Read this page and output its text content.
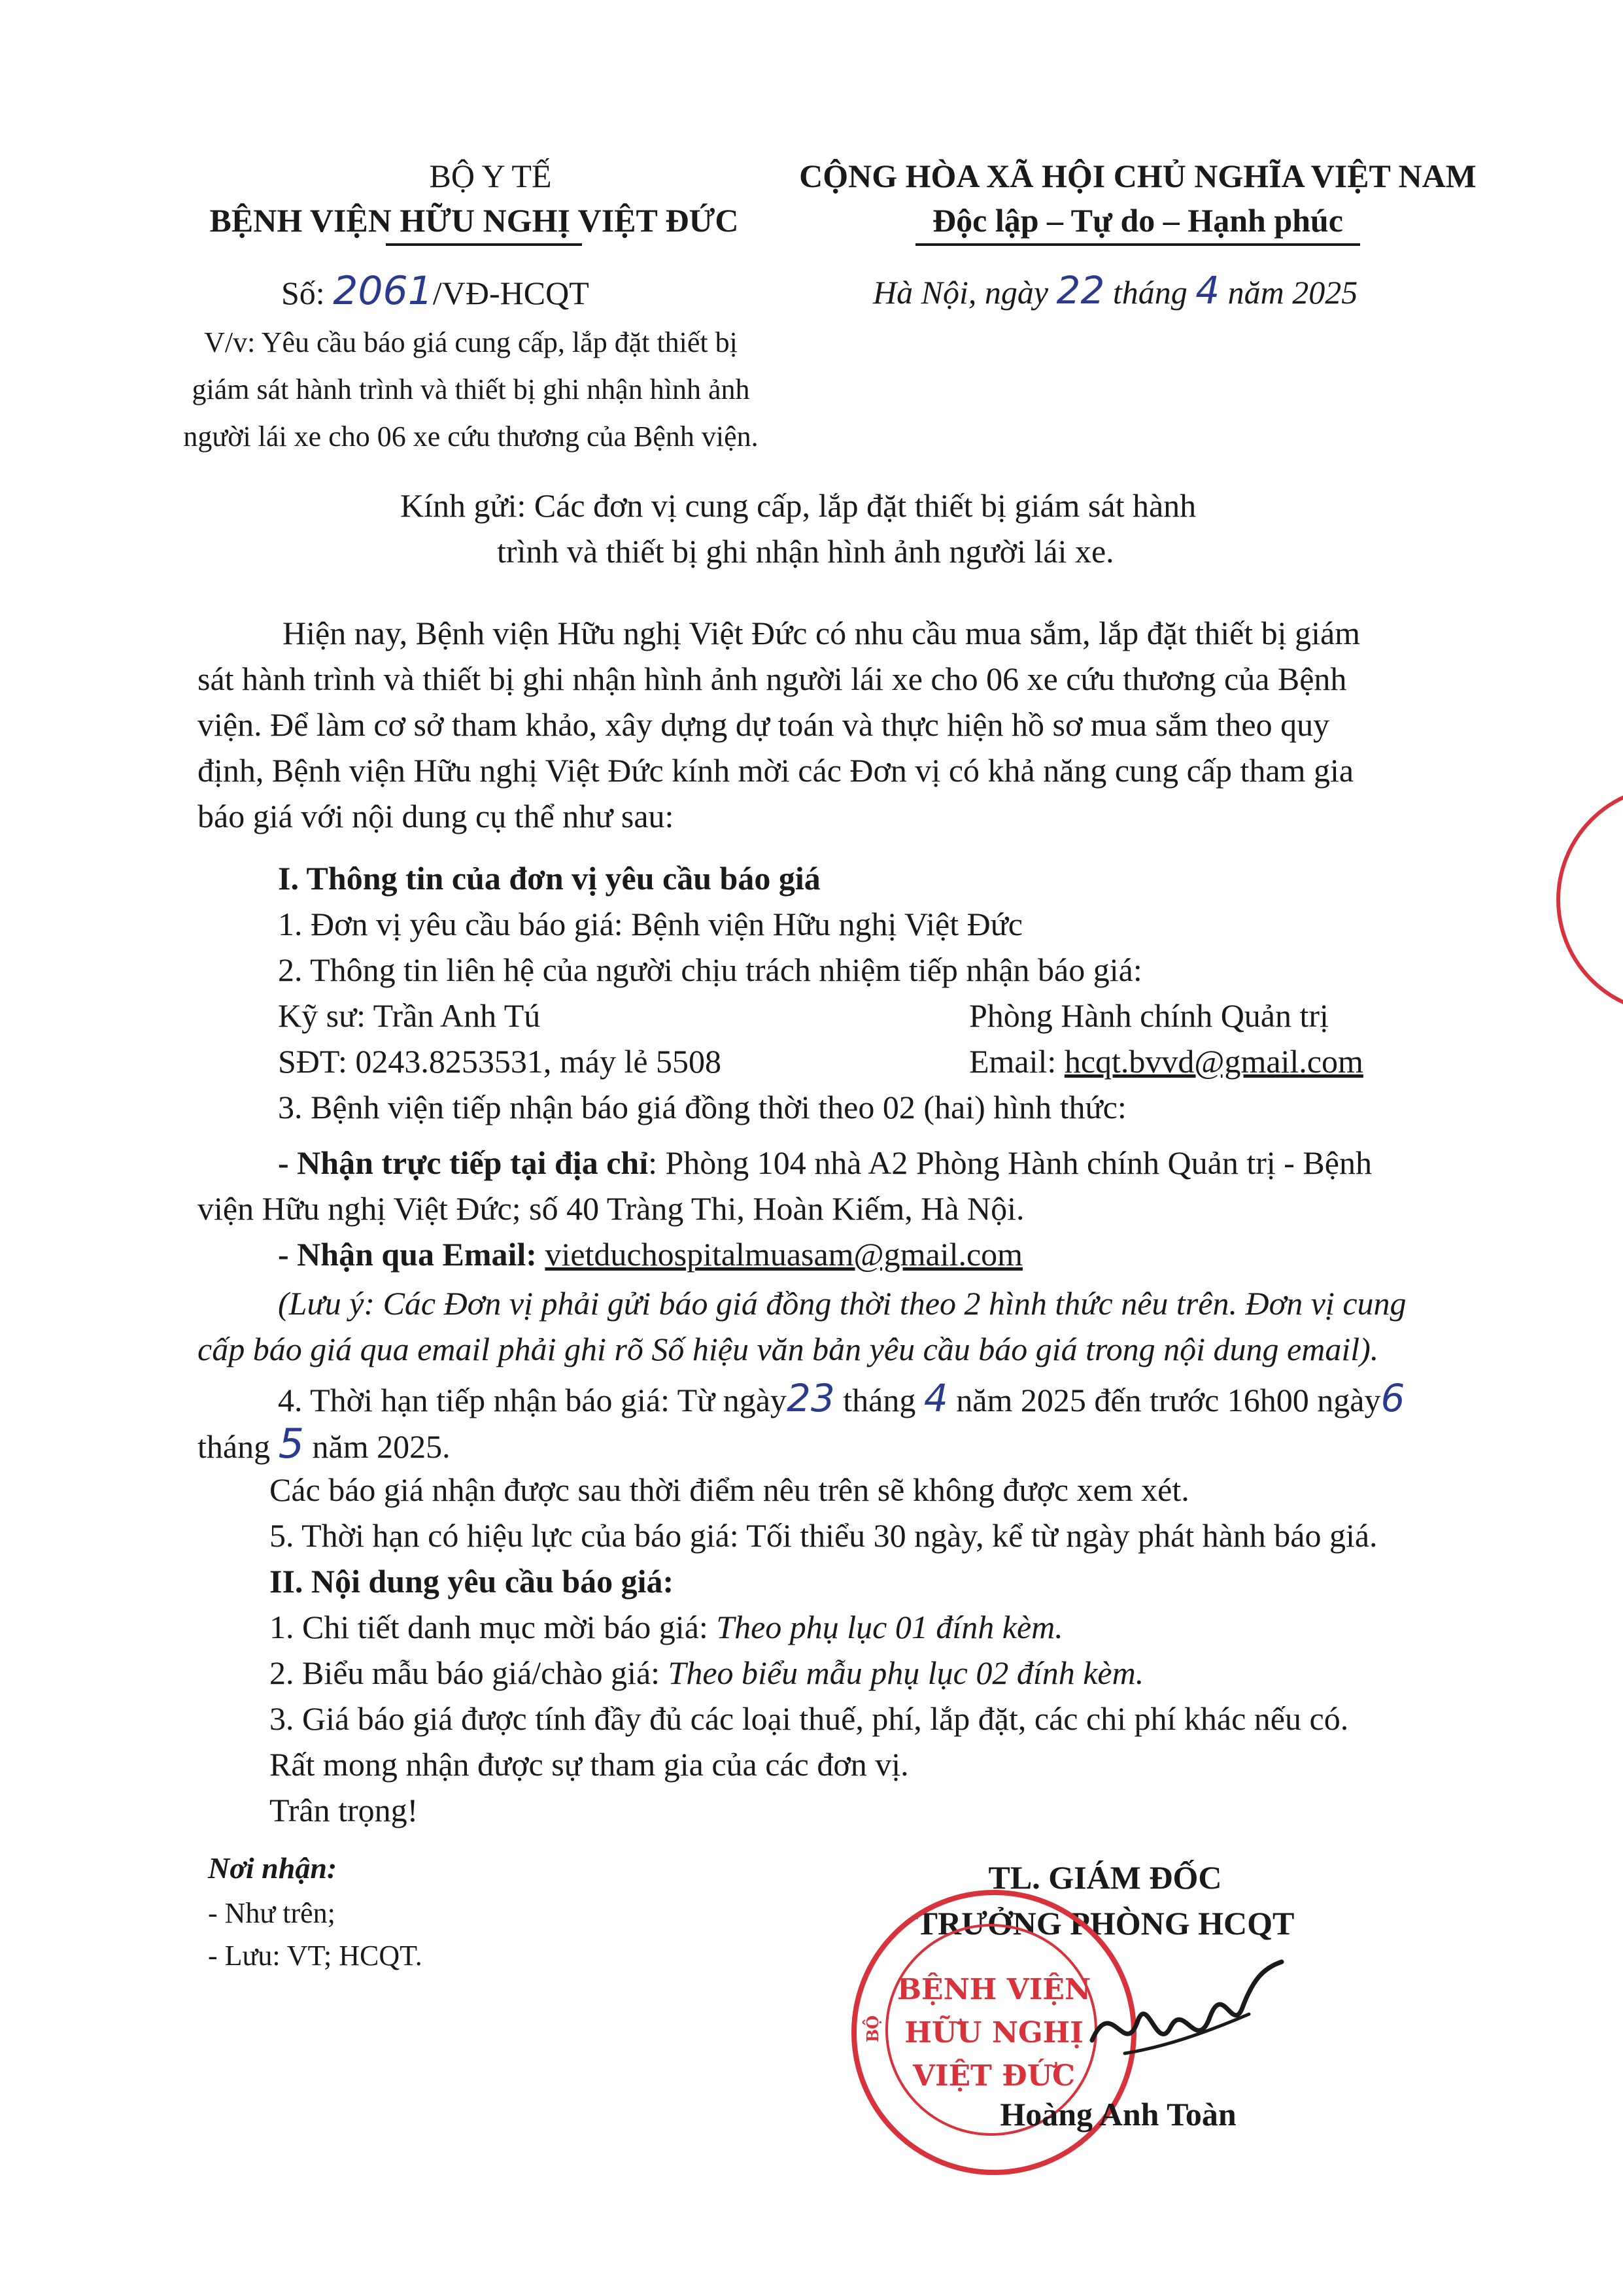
BỘ Y TẾ
BỆNH VIỆN HỮU NGHỊ VIỆT ĐỨC
Số: 2061/VĐ-HCQT
V/v: Yêu cầu báo giá cung cấp, lắp đặt thiết bị
giám sát hành trình và thiết bị ghi nhận hình ảnh
người lái xe cho 06 xe cứu thương của Bệnh viện.
CỘNG HÒA XÃ HỘI CHỦ NGHĨA VIỆT NAM
Độc lập – Tự do – Hạnh phúc
Hà Nội, ngày 22 tháng 4 năm 2025
Kính gửi: Các đơn vị cung cấp, lắp đặt thiết bị giám sát hành
trình và thiết bị ghi nhận hình ảnh người lái xe.
Hiện nay, Bệnh viện Hữu nghị Việt Đức có nhu cầu mua sắm, lắp đặt thiết bị giám
sát hành trình và thiết bị ghi nhận hình ảnh người lái xe cho 06 xe cứu thương của Bệnh
viện. Để làm cơ sở tham khảo, xây dựng dự toán và thực hiện hồ sơ mua sắm theo quy
định, Bệnh viện Hữu nghị Việt Đức kính mời các Đơn vị có khả năng cung cấp tham gia
báo giá với nội dung cụ thể như sau:
I. Thông tin của đơn vị yêu cầu báo giá
1. Đơn vị yêu cầu báo giá: Bệnh viện Hữu nghị Việt Đức
2. Thông tin liên hệ của người chịu trách nhiệm tiếp nhận báo giá:
Kỹ sư: Trần Anh Tú	Phòng Hành chính Quản trị
SĐT: 0243.8253531, máy lẻ 5508	Email: hcqt.bvvd@gmail.com
3. Bệnh viện tiếp nhận báo giá đồng thời theo 02 (hai) hình thức:
- Nhận trực tiếp tại địa chỉ: Phòng 104 nhà A2 Phòng Hành chính Quản trị - Bệnh
viện Hữu nghị Việt Đức; số 40 Tràng Thi, Hoàn Kiếm, Hà Nội.
- Nhận qua Email: vietduchospitalmuasam@gmail.com
(Lưu ý: Các Đơn vị phải gửi báo giá đồng thời theo 2 hình thức nêu trên. Đơn vị cung
cấp báo giá qua email phải ghi rõ Số hiệu văn bản yêu cầu báo giá trong nội dung email).
4. Thời hạn tiếp nhận báo giá: Từ ngày23 tháng 4 năm 2025 đến trước 16h00 ngày6
tháng 5 năm 2025.
Các báo giá nhận được sau thời điểm nêu trên sẽ không được xem xét.
5. Thời hạn có hiệu lực của báo giá: Tối thiểu 30 ngày, kể từ ngày phát hành báo giá.
II. Nội dung yêu cầu báo giá:
1. Chi tiết danh mục mời báo giá: Theo phụ lục 01 đính kèm.
2. Biểu mẫu báo giá/chào giá: Theo biểu mẫu phụ lục 02 đính kèm.
3. Giá báo giá được tính đầy đủ các loại thuế, phí, lắp đặt, các chi phí khác nếu có.
Rất mong nhận được sự tham gia của các đơn vị.
Trân trọng!
Nơi nhận:
- Như trên;
- Lưu: VT; HCQT.
TL. GIÁM ĐỐC
TRƯỞNG PHÒNG HCQT
BỆNH VIỆN
HỮU NGHỊ
VIỆT ĐỨC
BỘ
Hoàng Anh Toàn
